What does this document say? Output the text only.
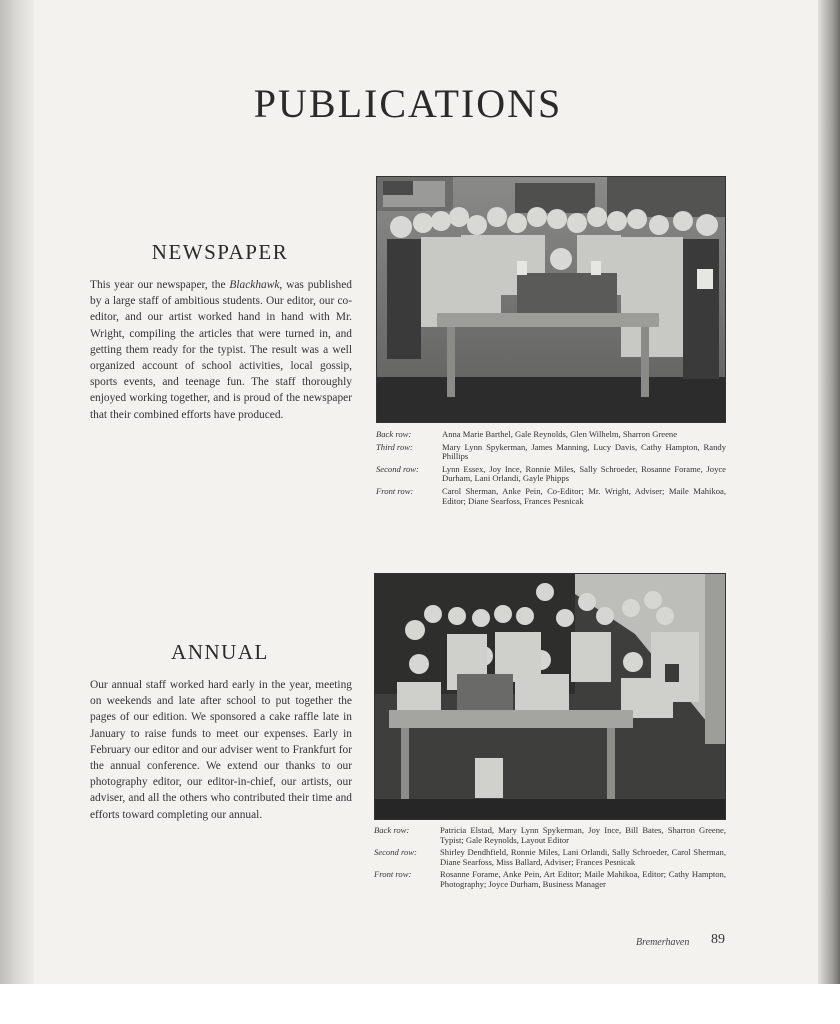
PUBLICATIONS
NEWSPAPER
This year our newspaper, the Blackhawk, was published by a large staff of ambitious students. Our editor, our co-editor, and our artist worked hand in hand with Mr. Wright, compiling the articles that were turned in, and getting them ready for the typist. The result was a well organized account of school activities, local gossip, sports events, and teenage fun. The staff thoroughly enjoyed working together, and is proud of the newspaper that their combined efforts have produced.
Back row:	Anna Marie Barthel, Gale Reynolds, Glen Wilhelm, Sharron Greene
Third row:	Mary Lynn Spykerman, James Manning, Lucy Davis, Cathy Hampton, Randy Phillips
Second row:	Lynn Essex, Joy Ince, Ronnie Miles, Sally Schroeder, Rosanne Forame, Joyce Durham, Lani Orlandi, Gayle Phipps
Front row:	Carol Sherman, Anke Pein, Co-Editor; Mr. Wright, Adviser; Maile Mahikoa, Editor; Diane Searfoss, Frances Pesnicak
ANNUAL
Our annual staff worked hard early in the year, meeting on weekends and late after school to put together the pages of our edition. We sponsored a cake raffle late in January to raise funds to meet our expenses. Early in February our editor and our adviser went to Frankfurt for the annual conference. We extend our thanks to our photography editor, our editor-in-chief, our artists, our adviser, and all the others who contributed their time and efforts toward completing our annual.
Back row:	Patricia Elstad, Mary Lynn Spykerman, Joy Ince, Bill Bates, Sharron Greene, Typist; Gale Reynolds, Layout Editor
Second row:	Shirley Dendhfield, Ronnie Miles, Lani Orlandi, Sally Schroeder, Carol Sherman, Diane Searfoss, Miss Ballard, Adviser; Frances Pesnicak
Front row:	Rosanne Forame, Anke Pein, Art Editor; Maile Mahikoa, Editor; Cathy Hampton, Photography; Joyce Durham, Business Manager
Bremerhaven 89
